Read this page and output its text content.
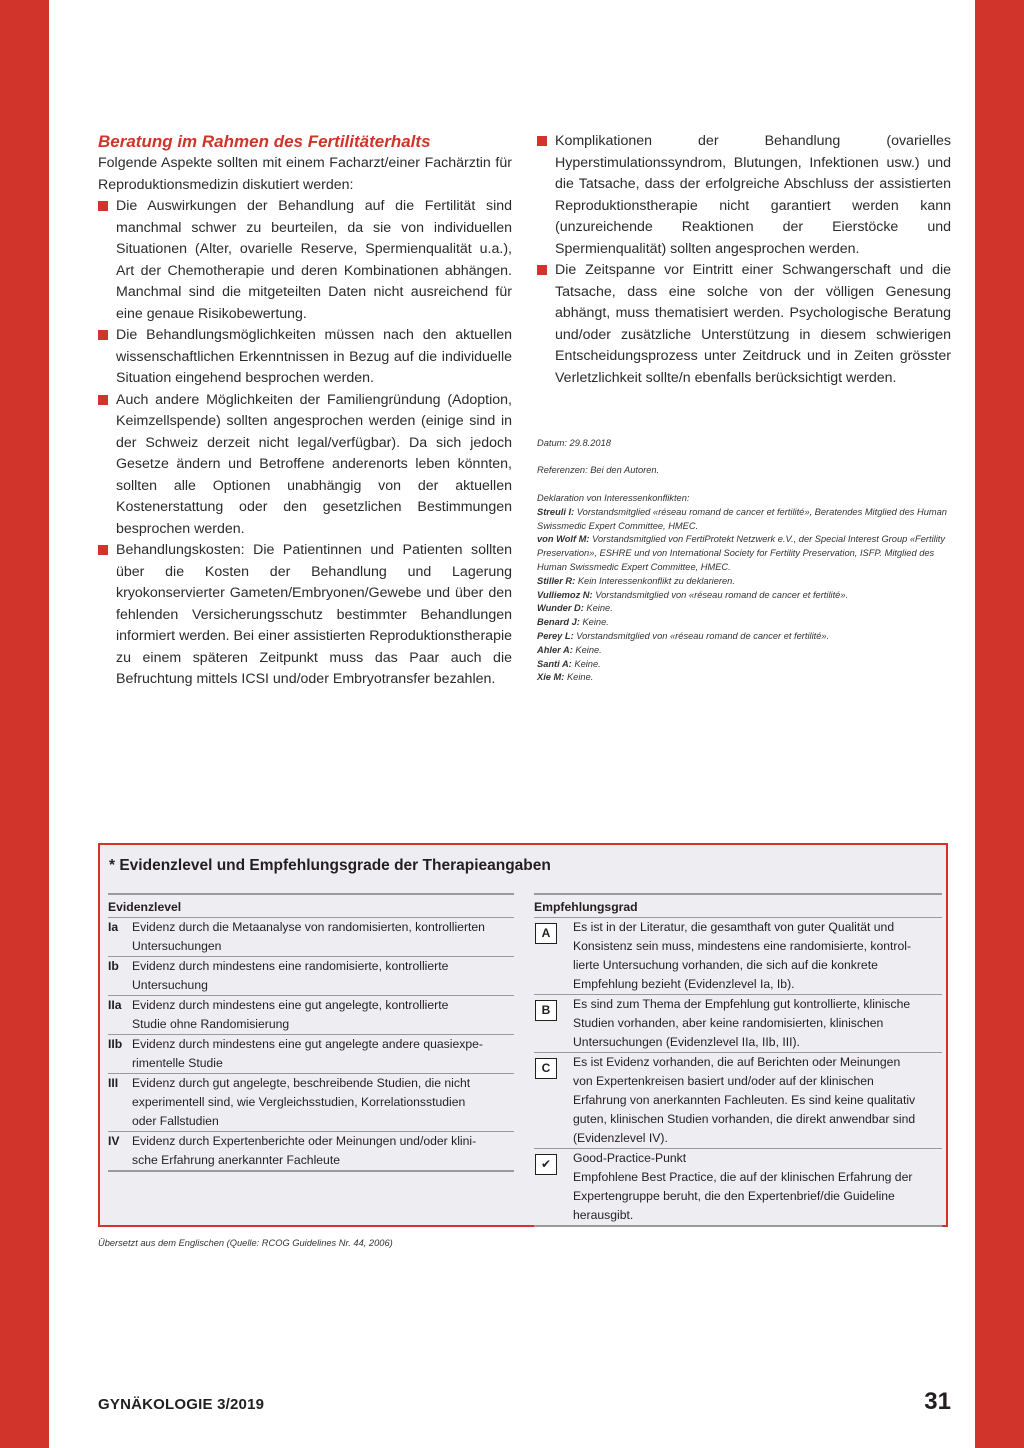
Beratung im Rahmen des Fertilitäterhalts

Folgende Aspekte sollten mit einem Facharzt/einer Fachärztin für Reproduktionsmedizin diskutiert werden:

Die Auswirkungen der Behandlung auf die Fertilität sind manchmal schwer zu beurteilen, da sie von individuellen Situationen (Alter, ovarielle Reserve, Spermienqualität u.a.), Art der Chemotherapie und deren Kombinationen abhängen. Manchmal sind die mitgeteilten Daten nicht ausreichend für eine genaue Risikobewertung.
Die Behandlungsmöglichkeiten müssen nach den aktuellen wissenschaftlichen Erkenntnissen in Bezug auf die individuelle Situation eingehend besprochen werden.
Auch andere Möglichkeiten der Familiengründung (Adoption, Keimzellspende) sollten angesprochen werden (einige sind in der Schweiz derzeit nicht legal/verfügbar). Da sich jedoch Gesetze ändern und Betroffene anderenorts leben könnten, sollten alle Optionen unabhängig von der aktuellen Kostenerstattung oder den gesetzlichen Bestimmungen besprochen werden.
Behandlungskosten: Die Patientinnen und Patienten sollten über die Kosten der Behandlung und Lagerung kryokonservierter Gameten/Embryonen/Gewebe und über den fehlenden Versicherungsschutz bestimmter Behandlungen informiert werden. Bei einer assistierten Reproduktionstherapie zu einem späteren Zeitpunkt muss das Paar auch die Befruchtung mittels ICSI und/oder Embryotransfer bezahlen.
Komplikationen der Behandlung (ovarielles Hyperstimulationssyndrom, Blutungen, Infektionen usw.) und die Tatsache, dass der erfolgreiche Abschluss der assistierten Reproduktionstherapie nicht garantiert werden kann (unzureichende Reaktionen der Eierstöcke und Spermienqualität) sollten angesprochen werden.
Die Zeitspanne vor Eintritt einer Schwangerschaft und die Tatsache, dass eine solche von der völligen Genesung abhängt, muss thematisiert werden. Psychologische Beratung und/oder zusätzliche Unterstützung in diesem schwierigen Entscheidungsprozess unter Zeitdruck und in Zeiten grösster Verletzlichkeit sollte/n ebenfalls berücksichtigt werden.
Datum: 29.8.2018
Referenzen: Bei den Autoren.
Deklaration von Interessenkonflikten:
Streuli I: Vorstandsmitglied «réseau romand de cancer et fertilité», Beratendes Mitglied des Human Swissmedic Expert Committee, HMEC.
von Wolf M: Vorstandsmitglied von FertiProtekt Netzwerk e.V., der Special Interest Group «Fertility Preservation», ESHRE und von International Society for Fertility Preservation, ISFP. Mitglied des Human Swissmedic Expert Committee, HMEC.
Stiller R: Kein Interessenkonflikt zu deklarieren.
Vulliemoz N: Vorstandsmitglied von «réseau romand de cancer et fertilité».
Wunder D: Keine.
Benard J: Keine.
Perey L: Vorstandsmitglied von «réseau romand de cancer et fertilité».
Ahler A: Keine.
Santi A: Keine.
Xie M: Keine.
* Evidenzlevel und Empfehlungsgrade der Therapieangaben
Evidenzlevel
Ia	Evidenz durch die Metaanalyse von randomisierten, kontrollierten
Untersuchungen
Ib	Evidenz durch mindestens eine randomisierte, kontrollierte
Untersuchung
IIa Evidenz durch mindestens eine gut angelegte, kontrollierte
Studie ohne Randomisierung
IIb Evidenz durch mindestens eine gut angelegte andere quasiexpe-
rimentelle Studie
III	Evidenz durch gut angelegte, beschreibende Studien, die nicht
experimentell sind, wie Vergleichsstudien, Korrelationsstudien
oder Fallstudien
IV	Evidenz durch Expertenberichte oder Meinungen und/oder klini-
sche Erfahrung anerkannter Fachleute
Empfehlungsgrad
A	Es ist in der Literatur, die gesamthaft von guter Qualität und
Konsistenz sein muss, mindestens eine randomisierte, kontrol-
lierte Untersuchung vorhanden, die sich auf die konkrete
Empfehlung bezieht (Evidenzlevel Ia, Ib).
B	Es sind zum Thema der Empfehlung gut kontrollierte, klinische
Studien vorhanden, aber keine randomisierten, klinischen
Untersuchungen (Evidenzlevel IIa, IIb, III).
C	Es ist Evidenz vorhanden, die auf Berichten oder Meinungen
von Expertenkreisen basiert und/oder auf der klinischen
Erfahrung von anerkannten Fachleuten. Es sind keine qualitativ
guten, klinischen Studien vorhanden, die direkt anwendbar sind
(Evidenzlevel IV).
✔	Good-Practice-Punkt
Empfohlene Best Practice, die auf der klinischen Erfahrung der
Expertengruppe beruht, die den Expertenbrief/die Guideline
herausgibt.
Übersetzt aus dem Englischen (Quelle: RCOG Guidelines Nr. 44, 2006)
GYNÄKOLOGIE 3/2019	31
